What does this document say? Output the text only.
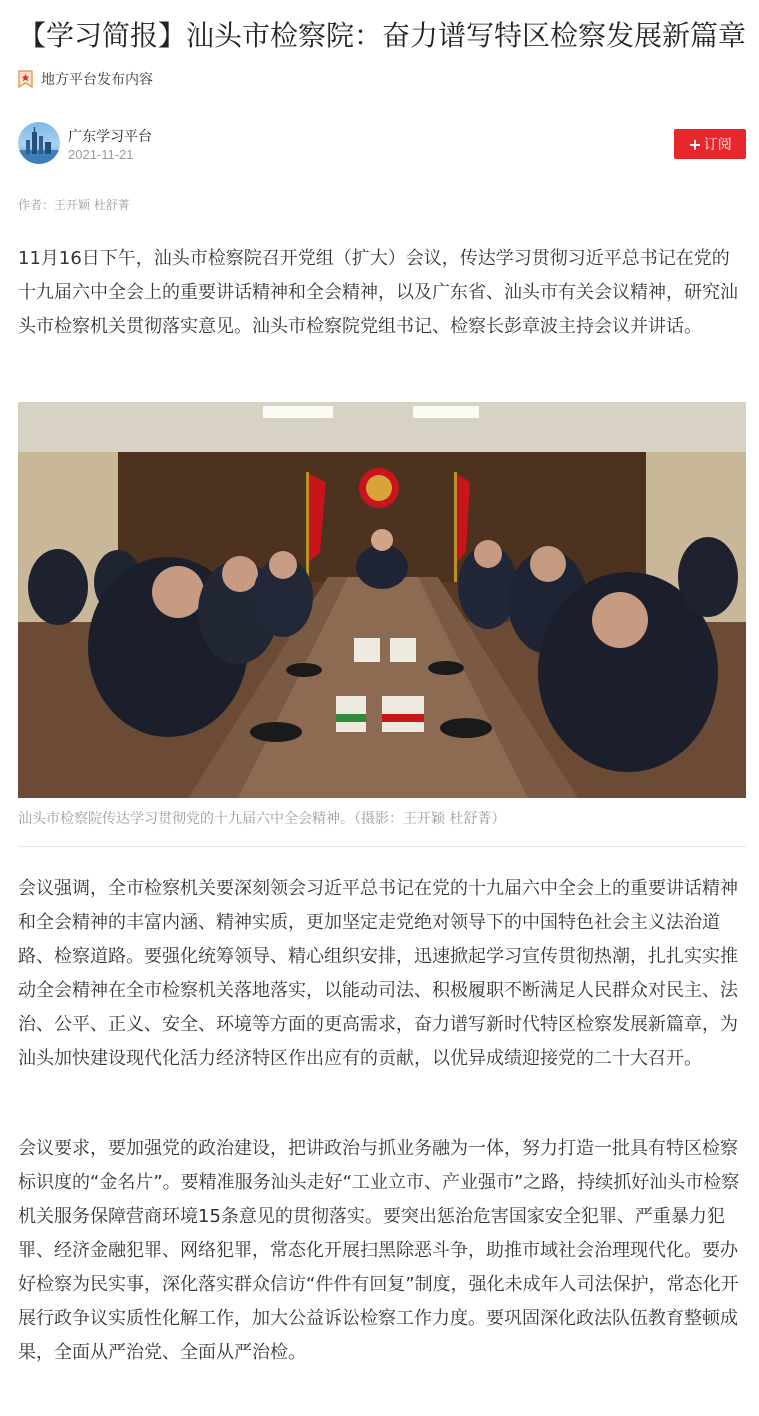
【学习简报】汕头市检察院：奋力谱写特区检察发展新篇章
地方平台发布内容
广东学习平台
2021-11-21
+ 订阅
作者：王开颖 杜舒菁

11月16日下午，汕头市检察院召开党组（扩大）会议，传达学习贯彻习近平总书记在党的十九届六中全会上的重要讲话精神和全会精神，以及广东省、汕头市有关会议精神，研究汕头市检察机关贯彻落实意见。汕头市检察院党组书记、检察长彭章波主持会议并讲话。

汕头市检察院传达学习贯彻党的十九届六中全会精神。（摄影：王开颖 杜舒菁）

会议强调，全市检察机关要深刻领会习近平总书记在党的十九届六中全会上的重要讲话精神和全会精神的丰富内涵、精神实质，更加坚定走党绝对领导下的中国特色社会主义法治道路、检察道路。要强化统筹领导、精心组织安排，迅速掀起学习宣传贯彻热潮，扎扎实实推动全会精神在全市检察机关落地落实，以能动司法、积极履职不断满足人民群众对民主、法治、公平、正义、安全、环境等方面的更高需求，奋力谱写新时代特区检察发展新篇章，为汕头加快建设现代化活力经济特区作出应有的贡献，以优异成绩迎接党的二十大召开。

会议要求，要加强党的政治建设，把讲政治与抓业务融为一体，努力打造一批具有特区检察标识度的“金名片”。要精准服务汕头走好“工业立市、产业强市”之路，持续抓好汕头市检察机关服务保障营商环境15条意见的贯彻落实。要突出惩治危害国家安全犯罪、严重暴力犯罪、经济金融犯罪、网络犯罪，常态化开展扫黑除恶斗争，助推市域社会治理现代化。要办好检察为民实事，深化落实群众信访“件件有回复”制度，强化未成年人司法保护，常态化开展行政争议实质性化解工作，加大公益诉讼检察工作力度。要巩固深化政法队伍教育整顿成果，全面从严治党、全面从严治检。
